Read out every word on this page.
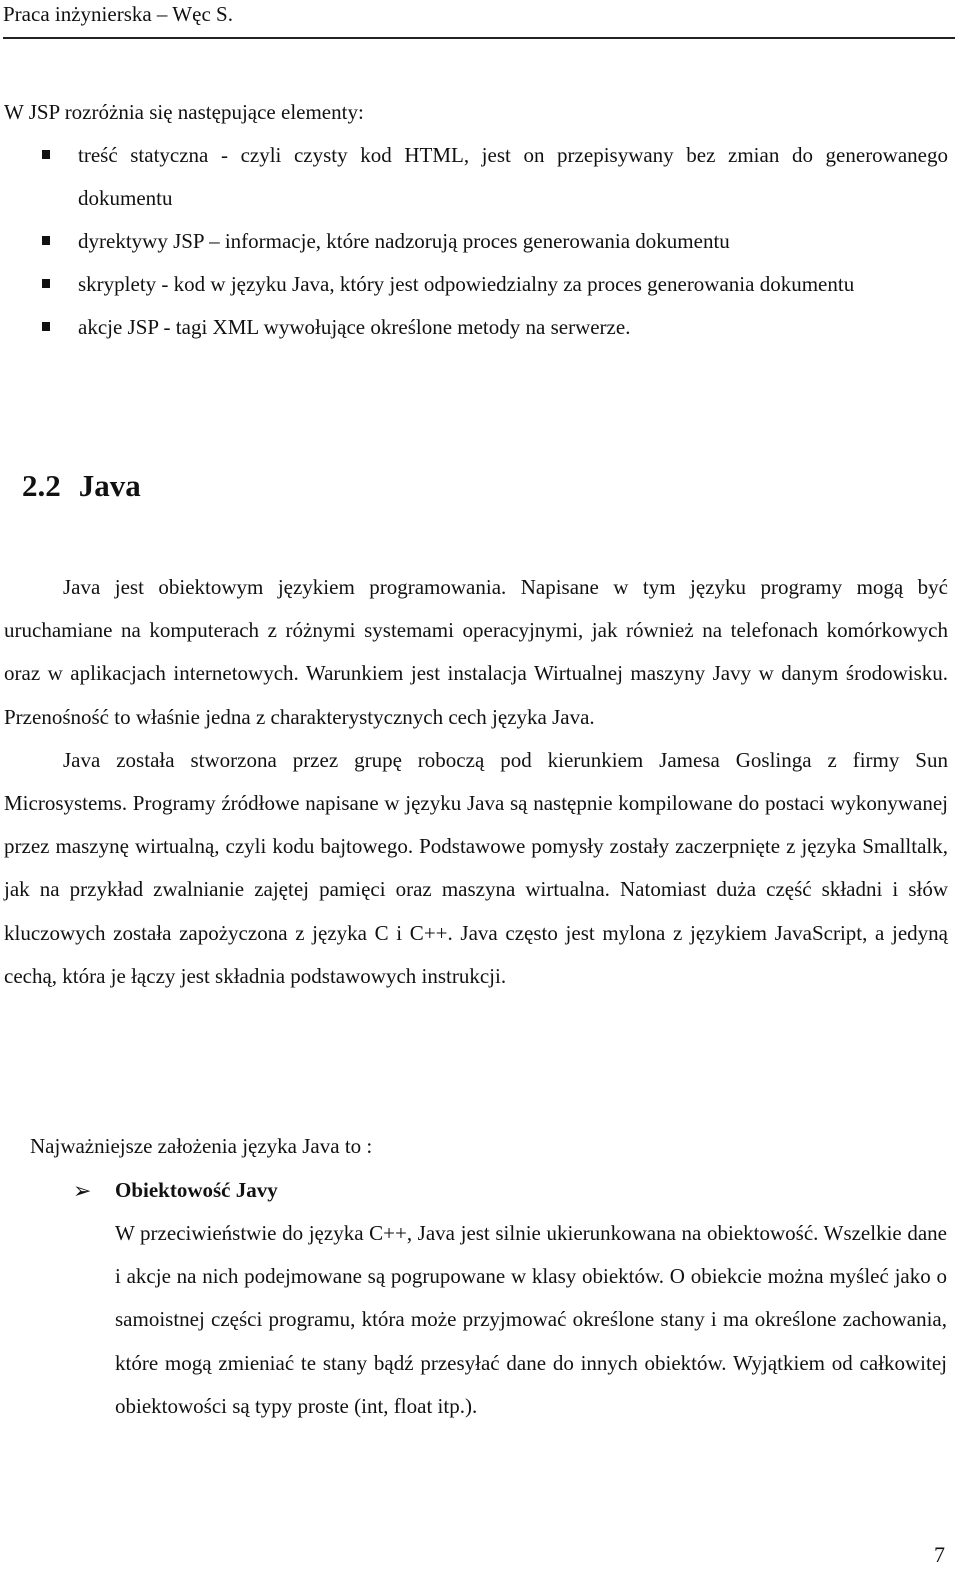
Praca inżynierska – Węc S.
W JSP rozróżnia się następujące elementy:
treść statyczna - czyli czysty kod HTML, jest on przepisywany bez zmian do generowanego dokumentu
dyrektywy JSP – informacje, które nadzorują proces generowania dokumentu
skryplety - kod w języku Java, który jest odpowiedzialny za proces generowania dokumentu
akcje JSP - tagi XML wywołujące określone metody na serwerze.
2.2 Java

Java jest obiektowym językiem programowania. Napisane w tym języku programy mogą być uruchamiane na komputerach z różnymi systemami operacyjnymi, jak również na telefonach komórkowych oraz w aplikacjach internetowych. Warunkiem jest instalacja Wirtualnej maszyny Javy w danym środowisku. Przenośność to właśnie jedna z charakterystycznych cech języka Java.

Java została stworzona przez grupę roboczą pod kierunkiem Jamesa Goslinga z firmy Sun Microsystems. Programy źródłowe napisane w języku Java są następnie kompilowane do postaci wykonywanej przez maszynę wirtualną, czyli kodu bajtowego. Podstawowe pomysły zostały zaczerpnięte z języka Smalltalk, jak na przykład zwalnianie zajętej pamięci oraz maszyna wirtualna. Natomiast duża część składni i słów kluczowych została zapożyczona z języka C i C++. Java często jest mylona z językiem JavaScript, a jedyną cechą, która je łączy jest składnia podstawowych instrukcji.

Najważniejsze założenia języka Java to :
➢ Obiektowość Javy

W przeciwieństwie do języka C++, Java jest silnie ukierunkowana na obiektowość. Wszelkie dane i akcje na nich podejmowane są pogrupowane w klasy obiektów. O obiekcie można myśleć jako o samoistnej części programu, która może przyjmować określone stany i ma określone zachowania, które mogą zmieniać te stany bądź przesyłać dane do innych obiektów. Wyjątkiem od całkowitej obiektowości są typy proste (int, float itp.).

7
